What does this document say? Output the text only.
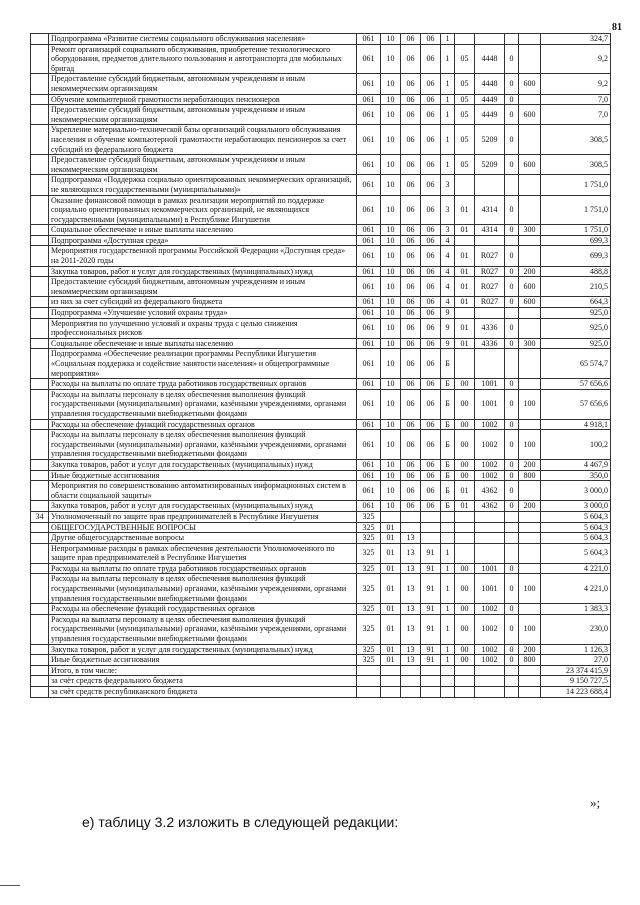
81
	Подпрограмма «Развитие системы социального обслуживания населения»	061	10	06	06	1					324,7
	Ремонт организаций социального обслуживания, приобретение технологического оборудования, предметов длительного пользования и автотранспорта для мобильных бригад	061	10	06	06	1	05	4448	0		9,2
	Предоставление субсидий бюджетным, автономным учреждениям и иным некоммерческим организациям	061	10	06	06	1	05	4448	0	600	9,2
	Обучение компьютерной грамотности неработающих пенсионеров	061	10	06	06	1	05	4449	0		7,0
	Предоставление субсидий бюджетным, автономным учреждениям и иным некоммерческим организациям	061	10	06	06	1	05	4449	0	600	7,0
	Укрепление материально-технической базы организаций социального обслуживания населения и обучение компьютерной грамотности неработающих пенсионеров за счет субсидий из федерального бюджета	061	10	06	06	1	05	5209	0		308,5
	Предоставление субсидий бюджетным, автономным учреждениям и иным некоммерческим организациям	061	10	06	06	1	05	5209	0	600	308,5
	Подпрограмма «Поддержка социально ориентированных некоммерческих организаций, не являющихся государственными (муниципальными)»	061	10	06	06	3					1 751,0
	Оказание финансовой помощи в рамках реализации мероприятий по поддержке социально ориентированных некоммерческих организаций, не являющихся государственными (муниципальными) в Республике Ингушетия	061	10	06	06	3	01	4314	0		1 751,0
	Социальное обеспечение и иные выплаты населению	061	10	06	06	3	01	4314	0	300	1 751,0
	Подпрограмма «Доступная среда»	061	10	06	06	4					699,3
	Мероприятия государственной программы Российской Федерации «Доступная среда» на 2011-2020 годы	061	10	06	06	4	01	R027	0		699,3
	Закупка товаров, работ и услуг для государственных (муниципальных) нужд	061	10	06	06	4	01	R027	0	200	488,8
	Предоставление субсидий бюджетным, автономным учреждениям и иным некоммерческим организациям	061	10	06	06	4	01	R027	0	600	210,5
	из них за счет субсидий из федерального бюджета	061	10	06	06	4	01	R027	0	600	664,3
	Подпрограмма «Улучшение условий охраны труда»	061	10	06	06	9					925,0
	Мероприятия по улучшению условий и охраны труда с целью снижения профессиональных рисков	061	10	06	06	9	01	4336	0		925,0
	Социальное обеспечение и иные выплаты населению	061	10	06	06	9	01	4336	0	300	925,0
	Подпрограмма «Обеспечение реализации программы Республики Ингушетия «Социальная поддержка и содействие занятости населения» и общепрограммные мероприятия»	061	10	06	06	Б					65 574,7
	Расходы на выплаты по оплате труда работников государственных органов	061	10	06	06	Б	00	1001	0		57 656,6
	Расходы на выплаты персоналу в целях обеспечения выполнения функций государственными (муниципальными) органами, казёнными учреждениями, органами управления государственными внебюджетными фондами	061	10	06	06	Б	00	1001	0	100	57 656,6
	Расходы на обеспечение функций государственных органов	061	10	06	06	Б	00	1002	0		4 918,1
	Расходы на выплаты персоналу в целях обеспечения выполнения функций государственными (муниципальными) органами, казёнными учреждениями, органами управления государственными внебюджетными фондами	061	10	06	06	Б	00	1002	0	100	100,2
	Закупка товаров, работ и услуг для государственных (муниципальных) нужд	061	10	06	06	Б	00	1002	0	200	4 467,9
	Иные бюджетные ассигнования	061	10	06	06	Б	00	1002	0	800	350,0
	Мероприятия по совершенствованию автоматизированных информационных систем в области социальной защиты»	061	10	06	06	Б	01	4362	0		3 000,0
	Закупка товаров, работ и услуг для государственных (муниципальных) нужд	061	10	06	06	Б	01	4362	0	200	3 000,0
34	Уполномоченный по защите прав предпринимателей в Республике Ингушетия	325									5 604,3
	ОБЩЕГОСУДАРСТВЕННЫЕ ВОПРОСЫ	325	01								5 604,3
	Другие общегосударственные вопросы	325	01	13							5 604,3
	Непрограммные расходы в рамках обеспечения деятельности Уполномоченного по защите прав предпринимателей в Республике Ингушетия	325	01	13	91	1					5 604,3
	Расходы на выплаты по оплате труда работников государственных органов	325	01	13	91	1	00	1001	0		4 221,0
	Расходы на выплаты персоналу в целях обеспечения выполнения функций государственными (муниципальными) органами, казёнными учреждениями, органами управления государственными внебюджетными фондами	325	01	13	91	1	00	1001	0	100	4 221,0
	Расходы на обеспечение функций государственных органов	325	01	13	91	1	00	1002	0		1 383,3
	Расходы на выплаты персоналу в целях обеспечения выполнения функций государственными (муниципальными) органами, казёнными учреждениями, органами управления государственными внебюджетными фондами	325	01	13	91	1	00	1002	0	100	230,0
	Закупка товаров, работ и услуг для государственных (муниципальных) нужд	325	01	13	91	1	00	1002	0	200	1 126,3
	Иные бюджетные ассигнования	325	01	13	91	1	00	1002	0	800	27,0
	Итого, в том числе:										23 374 415,9
	за счёт средств федерального бюджета										9 150 727,5
	за счёт средств республиканского бюджета										14 223 688,4
»;
е) таблицу 3.2 изложить в следующей редакции:
